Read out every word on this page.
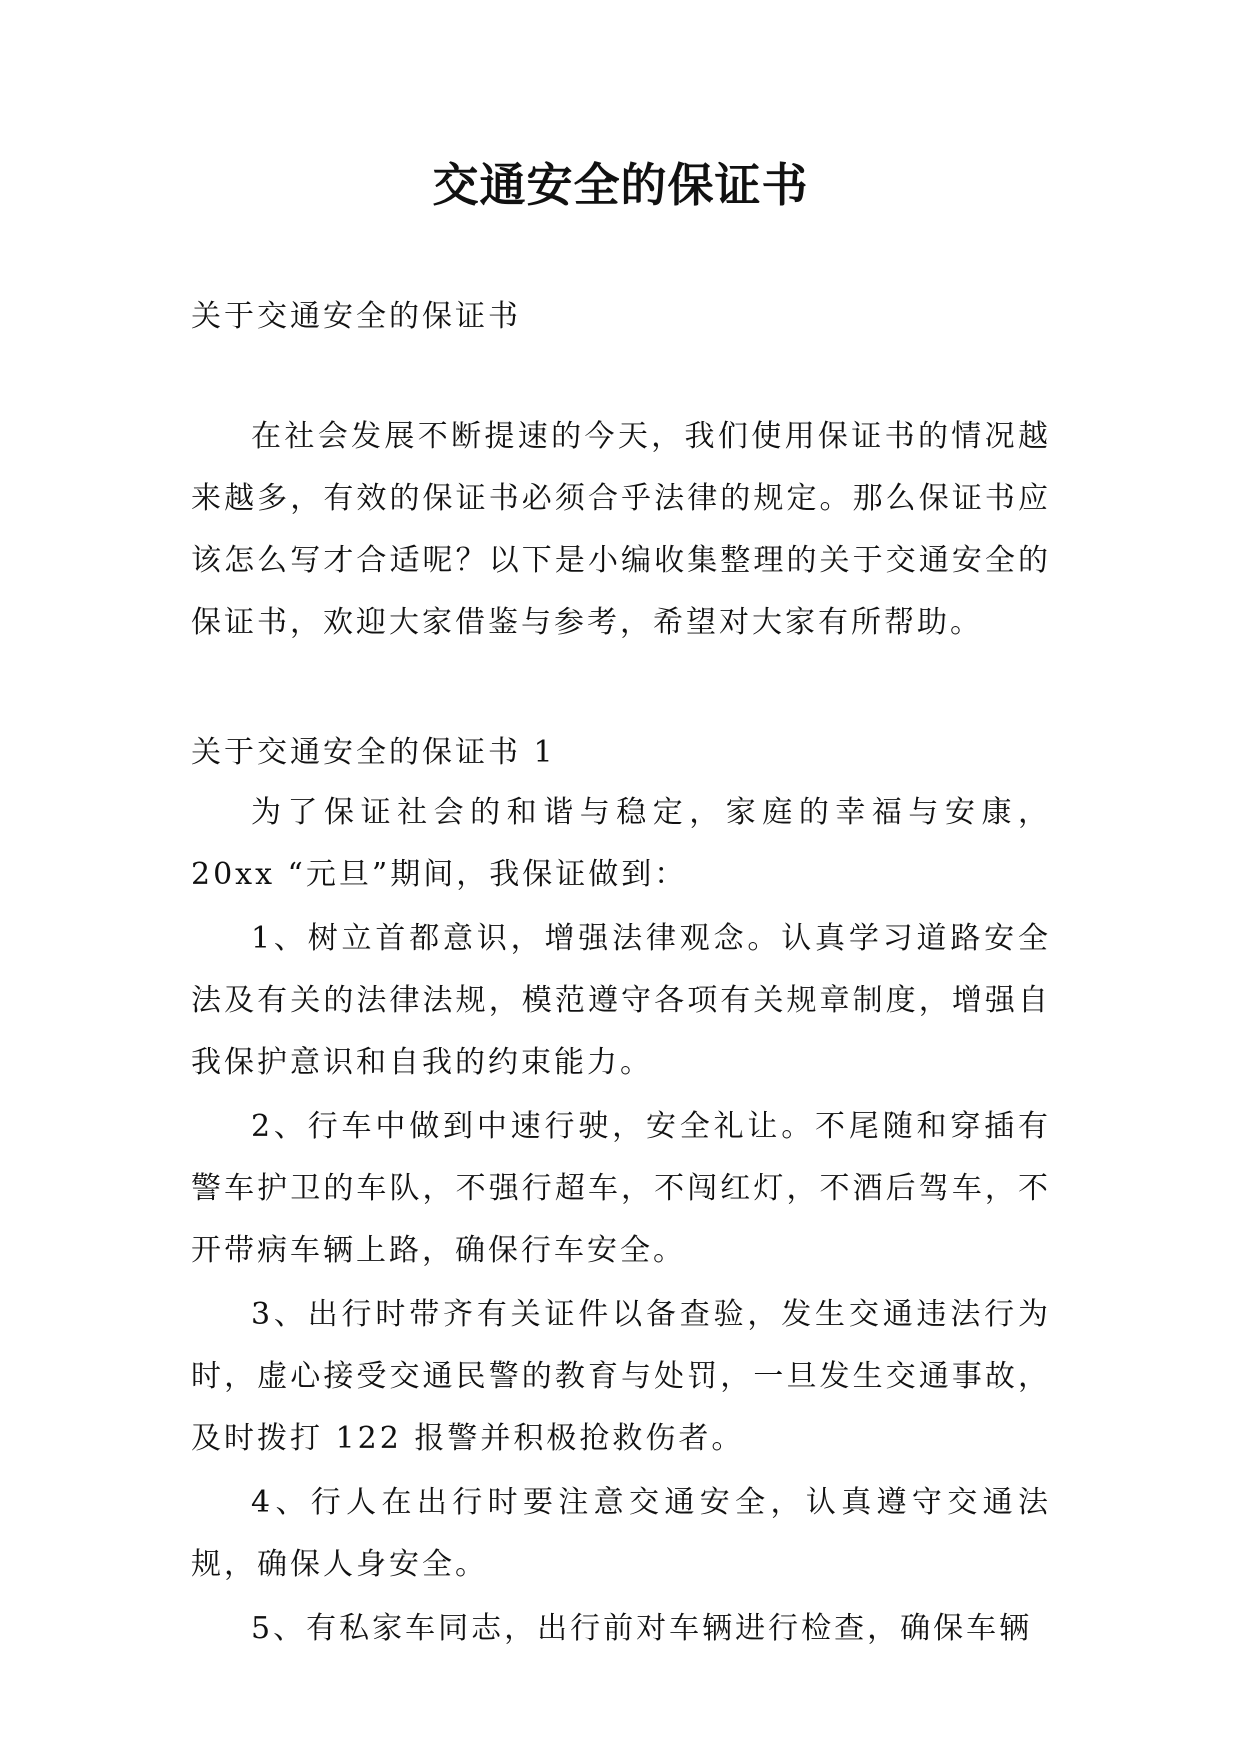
交通安全的保证书

关于交通安全的保证书

在社会发展不断提速的今天，我们使用保证书的情况越来越多，有效的保证书必须合乎法律的规定。那么保证书应该怎么写才合适呢？以下是小编收集整理的关于交通安全的保证书，欢迎大家借鉴与参考，希望对大家有所帮助。

关于交通安全的保证书 1

为了保证社会的和谐与稳定，家庭的幸福与安康，20xx “元旦”期间，我保证做到：

1、树立首都意识，增强法律观念。认真学习道路安全法及有关的法律法规，模范遵守各项有关规章制度，增强自我保护意识和自我的约束能力。

2、行车中做到中速行驶，安全礼让。不尾随和穿插有警车护卫的车队，不强行超车，不闯红灯，不酒后驾车，不开带病车辆上路，确保行车安全。

3、出行时带齐有关证件以备查验，发生交通违法行为时，虚心接受交通民警的教育与处罚，一旦发生交通事故，及时拨打 122 报警并积极抢救伤者。

4、行人在出行时要注意交通安全，认真遵守交通法规，确保人身安全。

5、有私家车同志，出行前对车辆进行检查，确保车辆
